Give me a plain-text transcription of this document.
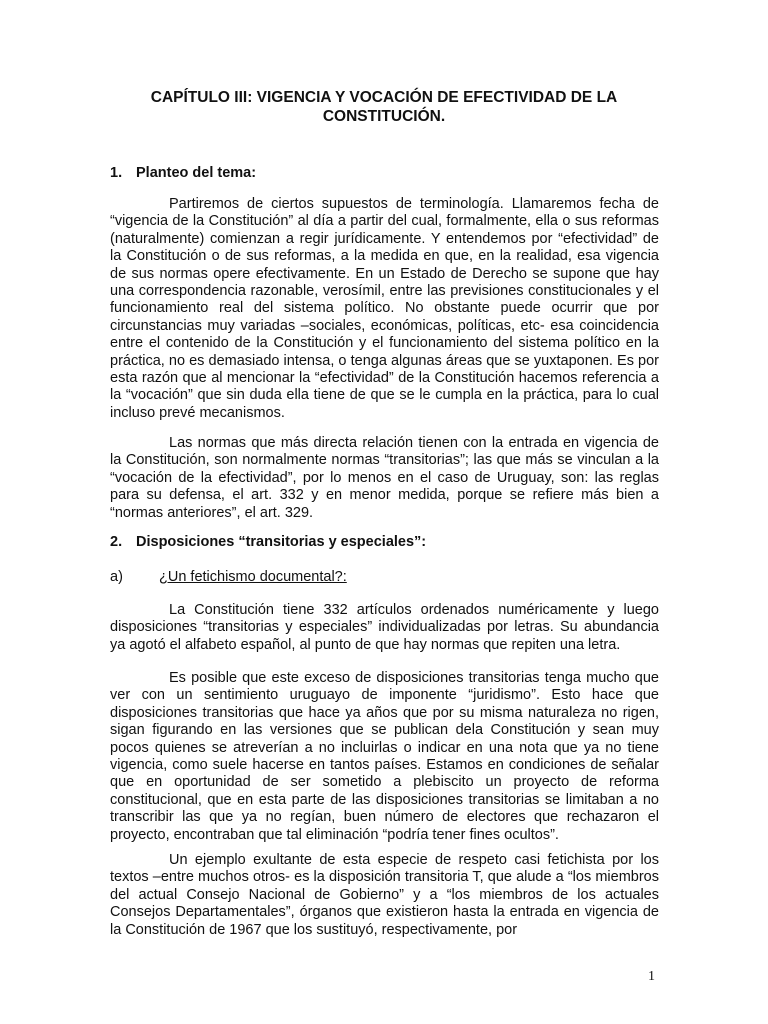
CAPÍTULO III: VIGENCIA Y VOCACIÓN DE EFECTIVIDAD DE LA
CONSTITUCIÓN.
1. Planteo del tema:

Partiremos de ciertos supuestos de terminología. Llamaremos fecha de “vigencia de la Constitución” al día a partir del cual, formalmente, ella o sus reformas (naturalmente) comienzan a regir jurídicamente. Y entendemos por “efectividad” de la Constitución o de sus reformas, a la medida en que, en la realidad, esa vigencia de sus normas opere efectivamente. En un Estado de Derecho se supone que hay una correspondencia razonable, verosímil, entre las previsiones constitucionales y el funcionamiento real del sistema político. No obstante puede ocurrir que por circunstancias muy variadas –sociales, económicas, políticas, etc- esa coincidencia entre el contenido de la Constitución y el funcionamiento del sistema político en la práctica, no es demasiado intensa, o tenga algunas áreas que se yuxtaponen. Es por esta razón que al mencionar la “efectividad” de la Constitución hacemos referencia a la “vocación” que sin duda ella tiene de que se le cumpla en la práctica, para lo cual incluso prevé mecanismos.

Las normas que más directa relación tienen con la entrada en vigencia de la Constitución, son normalmente normas “transitorias”; las que más se vinculan a la “vocación de la efectividad”, por lo menos en el caso de Uruguay, son: las reglas para su defensa, el art. 332 y en menor medida, porque se refiere más bien a “normas anteriores”, el art. 329.

2. Disposiciones “transitorias y especiales”:
a) ¿Un fetichismo documental?:

La Constitución tiene 332 artículos ordenados numéricamente y luego disposiciones “transitorias y especiales” individualizadas por letras. Su abundancia ya agotó el alfabeto español, al punto de que hay normas que repiten una letra.

Es posible que este exceso de disposiciones transitorias tenga mucho que ver con un sentimiento uruguayo de imponente “juridismo”. Esto hace que disposiciones transitorias que hace ya años que por su misma naturaleza no rigen, sigan figurando en las versiones que se publican dela Constitución y sean muy pocos quienes se atreverían a no incluirlas o indicar en una nota que ya no tiene vigencia, como suele hacerse en tantos países. Estamos en condiciones de señalar que en oportunidad de ser sometido a plebiscito un proyecto de reforma constitucional, que en esta parte de las disposiciones transitorias se limitaban a no transcribir las que ya no regían, buen número de electores que rechazaron el proyecto, encontraban que tal eliminación “podría tener fines ocultos”.

Un ejemplo exultante de esta especie de respeto casi fetichista por los textos –entre muchos otros- es la disposición transitoria T, que alude a “los miembros del actual Consejo Nacional de Gobierno” y a “los miembros de los actuales Consejos Departamentales”, órganos que existieron hasta la entrada en vigencia de la Constitución de 1967 que los sustituyó, respectivamente, por

1
